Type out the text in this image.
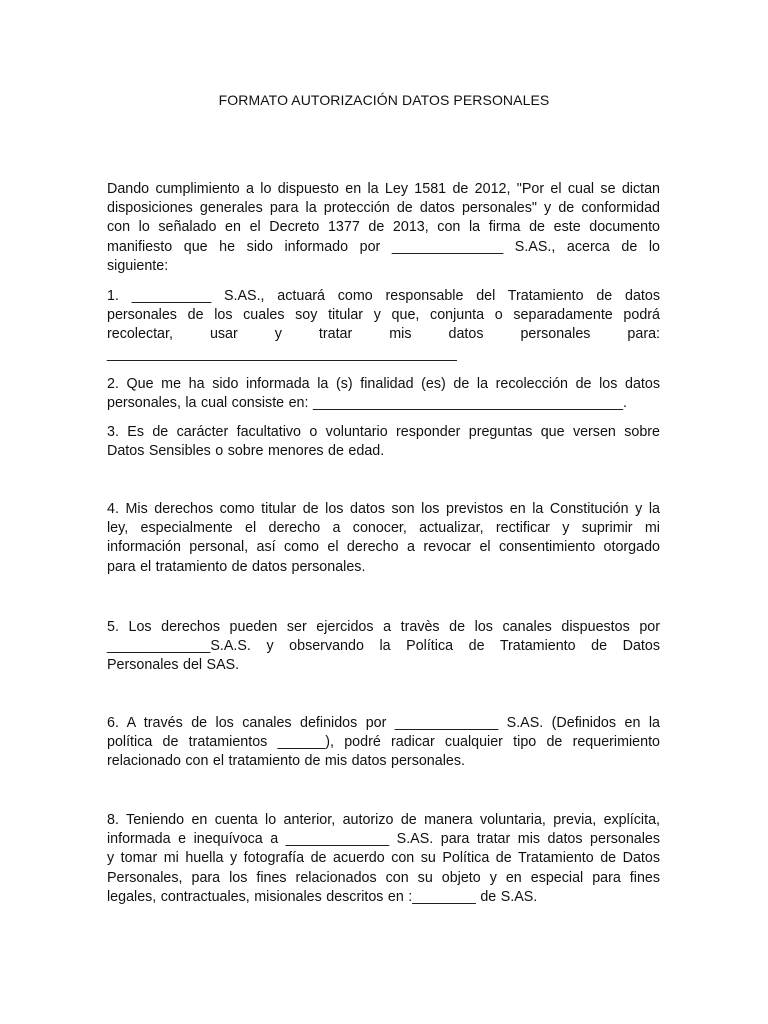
FORMATO AUTORIZACIÓN DATOS PERSONALES
Dando cumplimiento a lo dispuesto en la Ley 1581 de 2012, "Por el cual se dictan
disposiciones generales para la protección de datos personales" y de conformidad
con lo señalado en el Decreto 1377 de 2013, con la firma de este documento
manifiesto que he sido informado por ______________ S.AS., acerca de lo
siguiente:
1. __________ S.AS., actuará como responsable del Tratamiento de datos
personales de los cuales soy titular y que, conjunta o separadamente podrá
recolectar, usar y tratar mis datos personales para:
____________________________________________
2. Que me ha sido informada la (s) finalidad (es) de la recolección de los datos
personales, la cual consiste en: _______________________________________.
3. Es de carácter facultativo o voluntario responder preguntas que versen sobre
Datos Sensibles o sobre menores de edad.
4. Mis derechos como titular de los datos son los previstos en la Constitución y la
ley, especialmente el derecho a conocer, actualizar, rectificar y suprimir mi
información personal, así como el derecho a revocar el consentimiento otorgado
para el tratamiento de datos personales.
5. Los derechos pueden ser ejercidos a travès de los canales dispuestos por
_____________S.A.S. y observando la Política de Tratamiento de Datos
Personales del SAS.
6. A través de los canales definidos por _____________ S.AS. (Definidos en la
política de tratamientos ______), podré radicar cualquier tipo de requerimiento
relacionado con el tratamiento de mis datos personales.
8. Teniendo en cuenta lo anterior, autorizo de manera voluntaria, previa, explícita,
informada e inequívoca a _____________ S.AS. para tratar mis datos personales
y tomar mi huella y fotografía de acuerdo con su Política de Tratamiento de Datos
Personales, para los fines relacionados con su objeto y en especial para fines
legales, contractuales, misionales descritos en :________ de S.AS.
